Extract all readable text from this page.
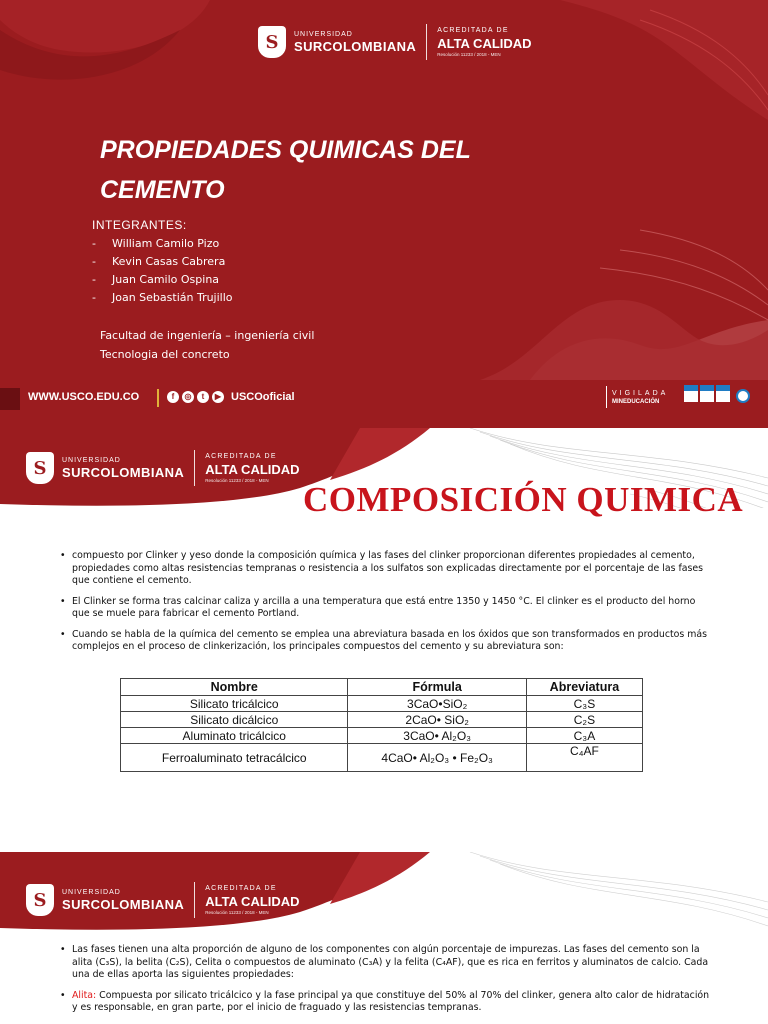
S UNIVERSIDAD
SURCOLOMBIANA
ACREDITADA DE
ALTA CALIDAD
Resolución 11233 / 2018 - MEN
PROPIEDADES QUIMICAS DEL
CEMENTO
INTEGRANTES:
-	William Camilo Pizo
-	Kevin Casas Cabrera
-	Juan Camilo Ospina
-	Joan Sebastián Trujillo
Facultad de ingeniería – ingeniería civil
Tecnologia del concreto
WWW.USCO.EDU.CO	f	◎	t	▶ USCOoficial	VIGILADA
MINEDUCACIÓN
S UNIVERSIDAD
SURCOLOMBIANA
ACREDITADA DE
ALTA CALIDAD
Resolución 11233 / 2018 - MEN COMPOSICIÓN QUIMICA
• compuesto por Clinker y yeso donde la composición química y las fases del clinker proporcionan diferentes propiedades al cemento, propiedades como altas resistencias tempranas o resistencia a los sulfatos son explicadas directamente por el porcentaje de las fases que contiene el cemento.
• El Clinker se forma tras calcinar caliza y arcilla a una temperatura que está entre 1350 y 1450 °C. El clinker es el producto del horno que se muele para fabricar el cemento Portland.
• Cuando se habla de la química del cemento se emplea una abreviatura basada en los óxidos que son transformados en productos más complejos en el proceso de clinkerización, los principales compuestos del cemento y su abreviatura son:
Nombre	Fórmula	Abreviatura
Silicato tricálcico	3CaO•SiO₂	C₃S
Silicato dicálcico	2CaO• SiO₂	C₂S
Aluminato tricálcico	3CaO• Al₂O₃	C₃A
Ferroaluminato tetracálcico	4CaO• Al₂O₃ • Fe₂O₃	C₄AF
S UNIVERSIDAD
SURCOLOMBIANA
ACREDITADA DE
ALTA CALIDAD
Resolución 11233 / 2018 - MEN
• Las fases tienen una alta proporción de alguno de los componentes con algún porcentaje de impurezas. Las fases del cemento son la alita (C₃S), la belita (C₂S), Celita o compuestos de aluminato (C₃A) y la felita (C₄AF), que es rica en ferritos y aluminatos de calcio. Cada una de ellas aporta las siguientes propiedades:
• Alita: Compuesta por silicato tricálcico y la fase principal ya que constituye del 50% al 70% del clinker, genera alto calor de hidratación y es responsable, en gran parte, por el inicio de fraguado y las resistencias tempranas.
